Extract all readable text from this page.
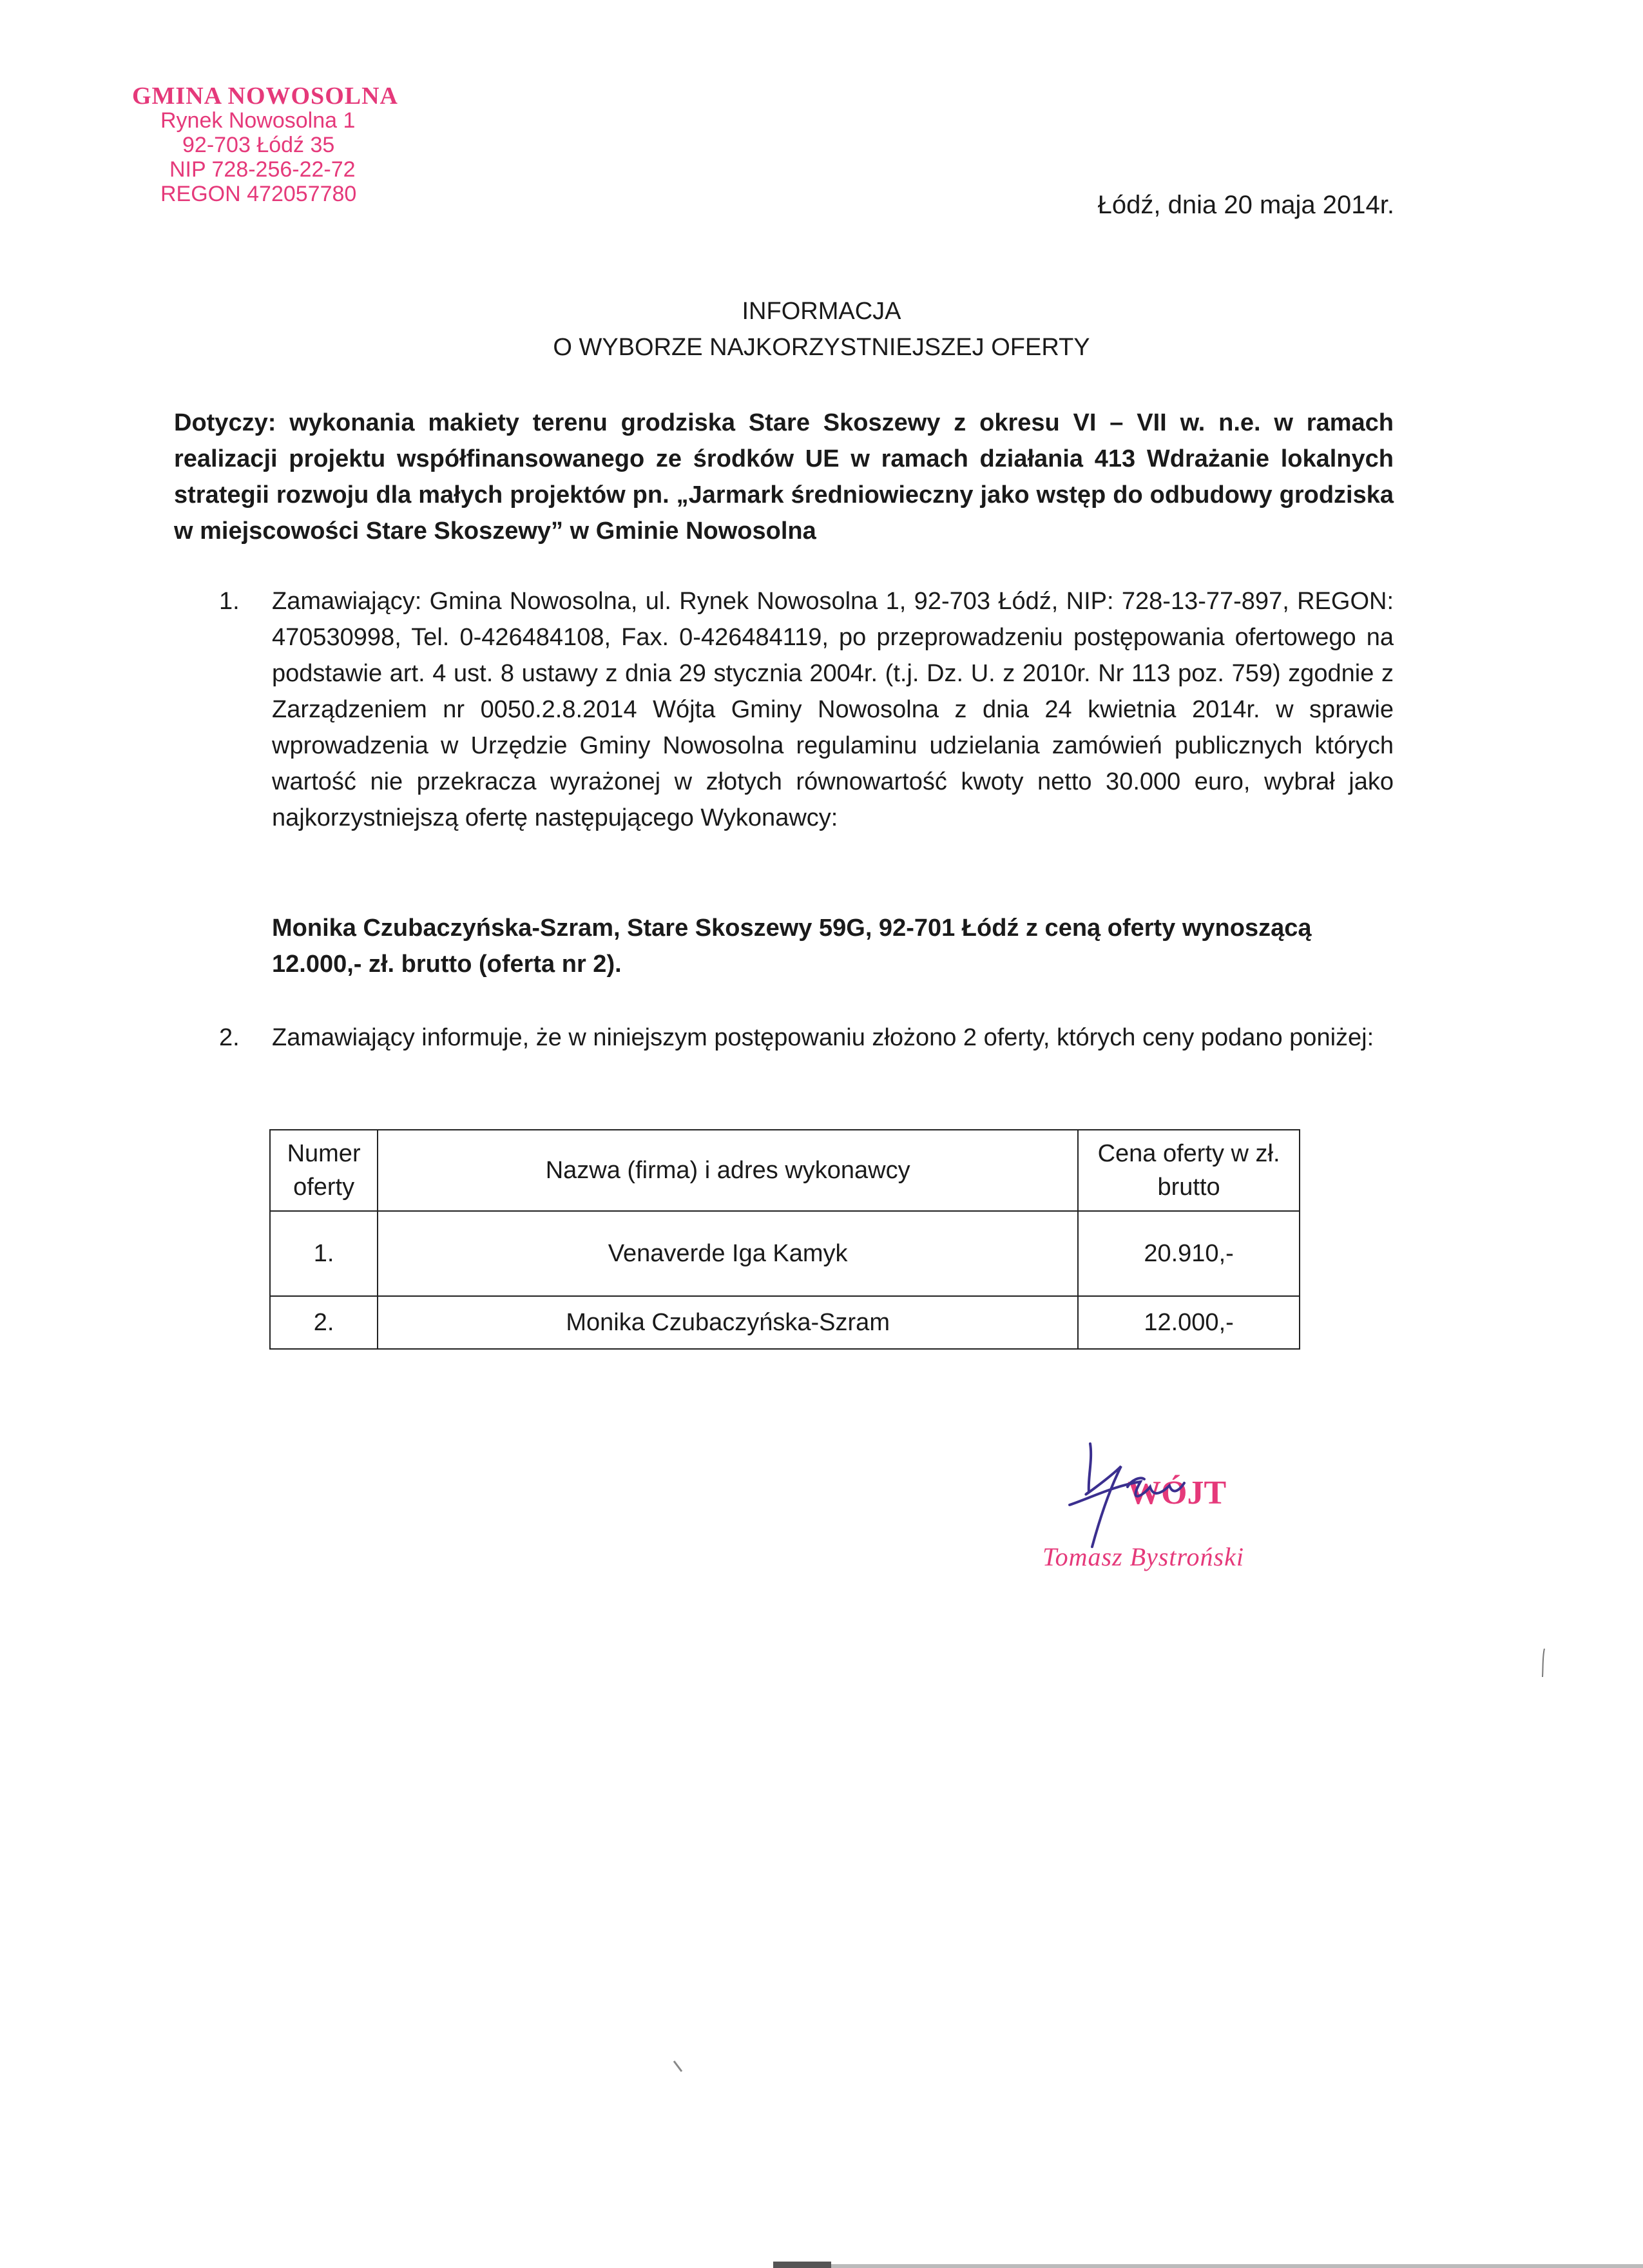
GMINA NOWOSOLNA
Rynek Nowosolna 1
92-703 Łódź 35
NIP 728-256-22-72
REGON 472057780	Łódź, dnia 20 maja 2014r.
INFORMACJA
O WYBORZE NAJKORZYSTNIEJSZEJ OFERTY
Dotyczy: wykonania makiety terenu grodziska Stare Skoszewy z okresu VI – VII w. n.e. w ramach realizacji projektu współfinansowanego ze środków UE w ramach działania 413 Wdrażanie lokalnych strategii rozwoju dla małych projektów pn. „Jarmark średniowieczny jako wstęp do odbudowy grodziska w miejscowości Stare Skoszewy” w Gminie Nowosolna
1. Zamawiający: Gmina Nowosolna, ul. Rynek Nowosolna 1, 92-703 Łódź, NIP: 728-13-77-897, REGON: 470530998, Tel. 0-426484108, Fax. 0-426484119, po przeprowadzeniu postępowania ofertowego na podstawie art. 4 ust. 8 ustawy z dnia 29 stycznia 2004r. (t.j. Dz. U. z 2010r. Nr 113 poz. 759) zgodnie z Zarządzeniem nr 0050.2.8.2014 Wójta Gminy Nowosolna z dnia 24 kwietnia 2014r. w sprawie wprowadzenia w Urzędzie Gminy Nowosolna regulaminu udzielania zamówień publicznych których wartość nie przekracza wyrażonej w złotych równowartość kwoty netto 30.000 euro, wybrał jako najkorzystniejszą ofertę następującego Wykonawcy:
Monika Czubaczyńska-Szram, Stare Skoszewy 59G, 92-701 Łódź z ceną oferty wynoszącą 12.000,- zł. brutto (oferta nr 2).
2. Zamawiający informuje, że w niniejszym postępowaniu złożono 2 oferty, których ceny podano poniżej:
Numer oferty	Nazwa (firma) i adres wykonawcy	Cena oferty w zł. brutto
1.	Venaverde Iga Kamyk	20.910,-
2.	Monika Czubaczyńska-Szram	12.000,-
WÓJT
Tomasz Bystroński
